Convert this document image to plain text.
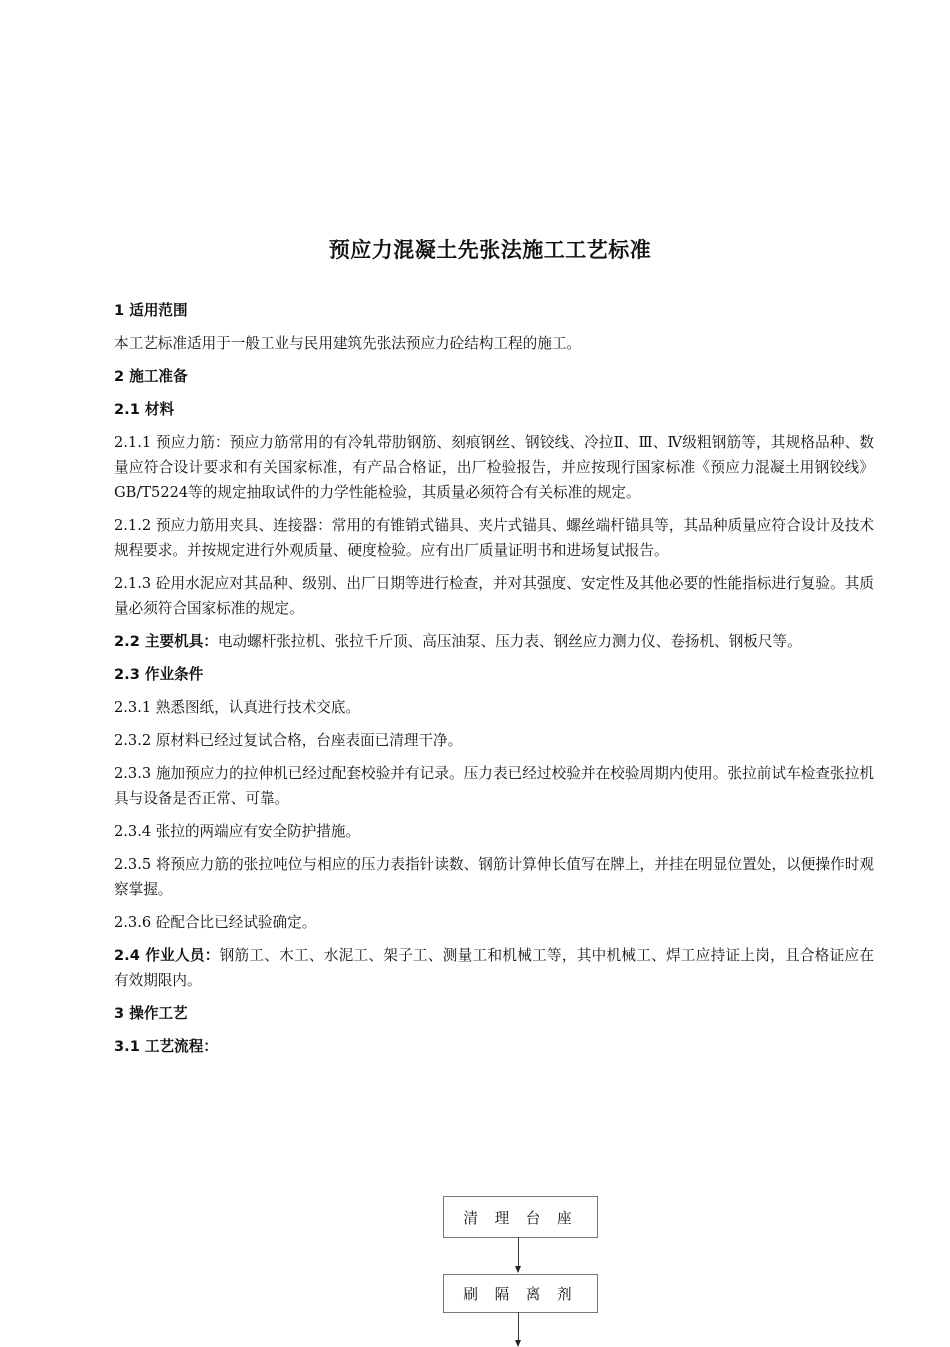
预应力混凝土先张法施工工艺标准
1 适用范围
本工艺标准适用于一般工业与民用建筑先张法预应力砼结构工程的施工。
2 施工准备
2.1 材料
2.1.1 预应力筋：预应力筋常用的有冷轧带肋钢筋、刻痕钢丝、钢铰线、冷拉Ⅱ、Ⅲ、Ⅳ级粗钢筋等，其规格品种、数量应符合设计要求和有关国家标准，有产品合格证，出厂检验报告，并应按现行国家标准《预应力混凝土用钢铰线》GB/T5224等的规定抽取试件的力学性能检验，其质量必须符合有关标准的规定。
2.1.2 预应力筋用夹具、连接器：常用的有锥销式锚具、夹片式锚具、螺丝端杆锚具等，其品种质量应符合设计及技术规程要求。并按规定进行外观质量、硬度检验。应有出厂质量证明书和进场复试报告。
2.1.3 砼用水泥应对其品种、级别、出厂日期等进行检查，并对其强度、安定性及其他必要的性能指标进行复验。其质量必须符合国家标准的规定。
2.2 主要机具：电动螺杆张拉机、张拉千斤顶、高压油泵、压力表、钢丝应力测力仪、卷扬机、钢板尺等。
2.3 作业条件
2.3.1 熟悉图纸，认真进行技术交底。
2.3.2 原材料已经过复试合格，台座表面已清理干净。
2.3.3 施加预应力的拉伸机已经过配套校验并有记录。压力表已经过校验并在校验周期内使用。张拉前试车检查张拉机具与设备是否正常、可靠。
2.3.4 张拉的两端应有安全防护措施。
2.3.5 将预应力筋的张拉吨位与相应的压力表指针读数、钢筋计算伸长值写在牌上，并挂在明显位置处，以便操作时观察掌握。
2.3.6 砼配合比已经试验确定。
2.4 作业人员：钢筋工、木工、水泥工、架子工、测量工和机械工等，其中机械工、焊工应持证上岗，且合格证应在有效期限内。
3 操作工艺
3.1 工艺流程：
清 理 台 座
刷 隔 离 剂
